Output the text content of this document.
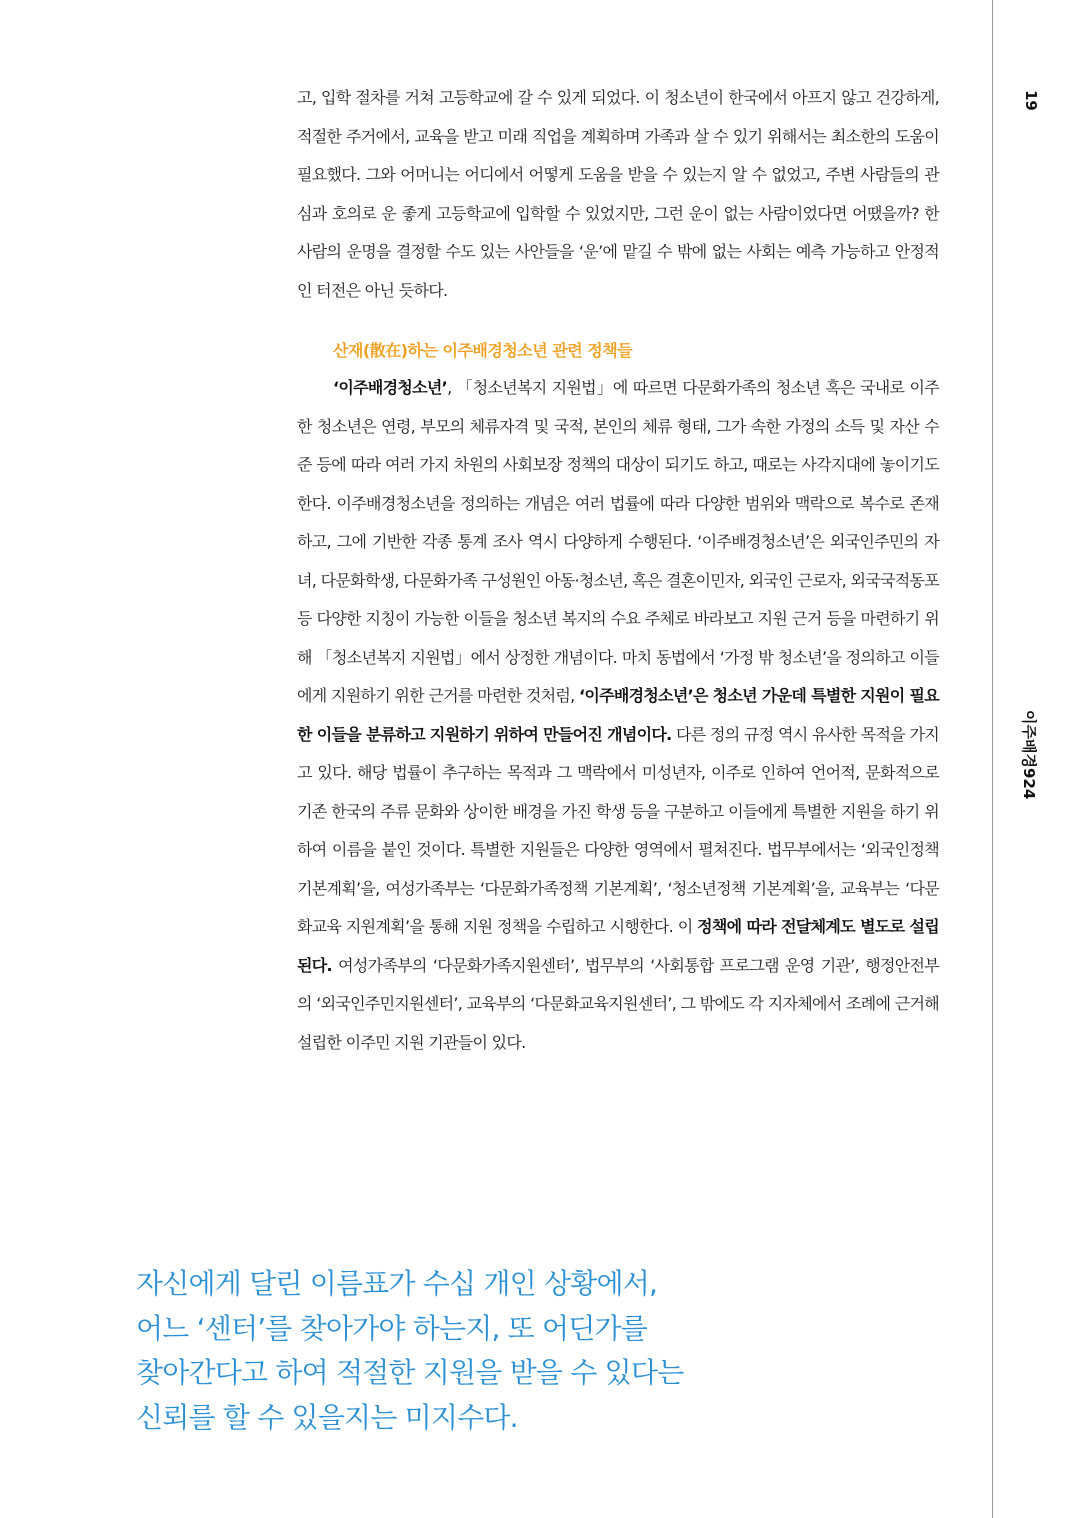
19
이주배경924
고, 입학 절차를 거쳐 고등학교에 갈 수 있게 되었다. 이 청소년이 한국에서 아프지 않고 건강하게, 적절한 주거에서, 교육을 받고 미래 직업을 계획하며 가족과 살 수 있기 위해서는 최소한의 도움이 필요했다. 그와 어머니는 어디에서 어떻게 도움을 받을 수 있는지 알 수 없었고, 주변 사람들의 관심과 호의로 운 좋게 고등학교에 입학할 수 있었지만, 그런 운이 없는 사람이었다면 어땠을까? 한 사람의 운명을 결정할 수도 있는 사안들을 ‘운’에 맡길 수 밖에 없는 사회는 예측 가능하고 안정적인 터전은 아닌 듯하다.
산재(散在)하는 이주배경청소년 관련 정책들
‘이주배경청소년’, 「청소년복지 지원법」에 따르면 다문화가족의 청소년 혹은 국내로 이주한 청소년은 연령, 부모의 체류자격 및 국적, 본인의 체류 형태, 그가 속한 가정의 소득 및 자산 수준 등에 따라 여러 가지 차원의 사회보장 정책의 대상이 되기도 하고, 때로는 사각지대에 놓이기도 한다. 이주배경청소년을 정의하는 개념은 여러 법률에 따라 다양한 범위와 맥락으로 복수로 존재하고, 그에 기반한 각종 통계 조사 역시 다양하게 수행된다. ‘이주배경청소년’은 외국인주민의 자녀, 다문화학생, 다문화가족 구성원인 아동·청소년, 혹은 결혼이민자, 외국인 근로자, 외국국적동포 등 다양한 지칭이 가능한 이들을 청소년 복지의 수요 주체로 바라보고 지원 근거 등을 마련하기 위해 「청소년복지 지원법」에서 상정한 개념이다. 마치 동법에서 ‘가정 밖 청소년’을 정의하고 이들에게 지원하기 위한 근거를 마련한 것처럼, ‘이주배경청소년’은 청소년 가운데 특별한 지원이 필요한 이들을 분류하고 지원하기 위하여 만들어진 개념이다. 다른 정의 규정 역시 유사한 목적을 가지고 있다. 해당 법률이 추구하는 목적과 그 맥락에서 미성년자, 이주로 인하여 언어적, 문화적으로 기존 한국의 주류 문화와 상이한 배경을 가진 학생 등을 구분하고 이들에게 특별한 지원을 하기 위하여 이름을 붙인 것이다. 특별한 지원들은 다양한 영역에서 펼쳐진다. 법무부에서는 ‘외국인정책 기본계획’을, 여성가족부는 ‘다문화가족정책 기본계획’, ‘청소년정책 기본계획’을, 교육부는 ‘다문화교육 지원계획’을 통해 지원 정책을 수립하고 시행한다. 이 정책에 따라 전달체계도 별도로 설립된다. 여성가족부의 ‘다문화가족지원센터’, 법무부의 ‘사회통합 프로그램 운영 기관’, 행정안전부의 ‘외국인주민지원센터’, 교육부의 ‘다문화교육지원센터’, 그 밖에도 각 지자체에서 조례에 근거해 설립한 이주민 지원 기관들이 있다.
자신에게 달린 이름표가 수십 개인 상황에서,
어느 ‘센터’를 찾아가야 하는지, 또 어딘가를
찾아간다고 하여 적절한 지원을 받을 수 있다는
신뢰를 할 수 있을지는 미지수다.
